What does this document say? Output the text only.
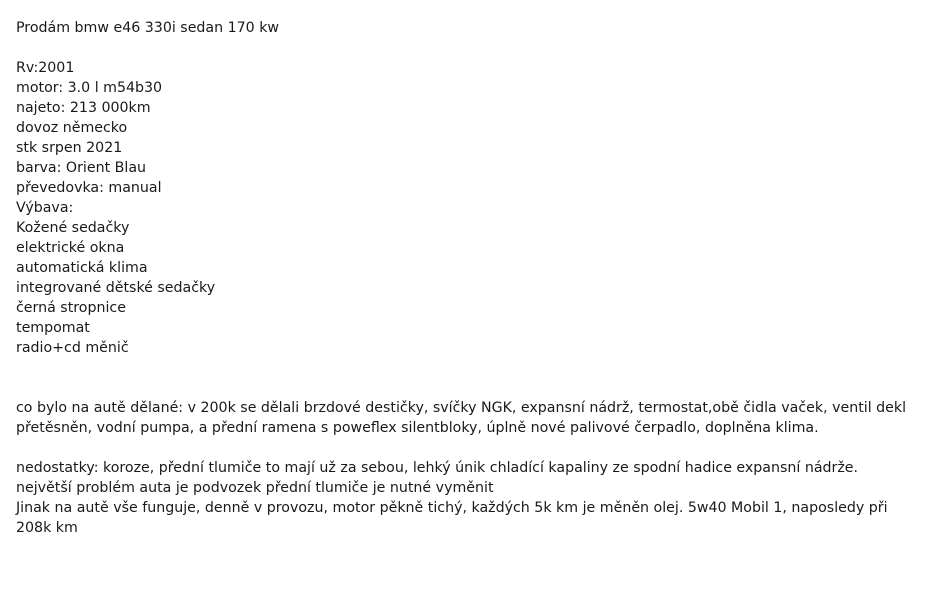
Prodám bmw e46 330i sedan 170 kw
Rv:2001
motor: 3.0 l m54b30
najeto: 213 000km
dovoz německo
stk srpen 2021
barva: Orient Blau
převedovka: manual
Výbava:
Kožené sedačky
elektrické okna
automatická klima
integrované dětské sedačky
černá stropnice
tempomat
radio+cd měnič
co bylo na autě dělané: v 200k se dělali brzdové destičky, svíčky NGK, expansní nádrž, termostat,obě čidla vaček, ventil dekl přetěsněn, vodní pumpa, a přední ramena s poweflex silentbloky, úplně nové palivové čerpadlo, doplněna klima.
nedostatky: koroze, přední tlumiče to mají už za sebou, lehký únik chladící kapaliny ze spodní hadice expansní nádrže.
největší problém auta je podvozek přední tlumiče je nutné vyměnit
Jinak na autě vše funguje, denně v provozu, motor pěkně tichý, každých 5k km je měněn olej. 5w40 Mobil 1, naposledy při 208k km
